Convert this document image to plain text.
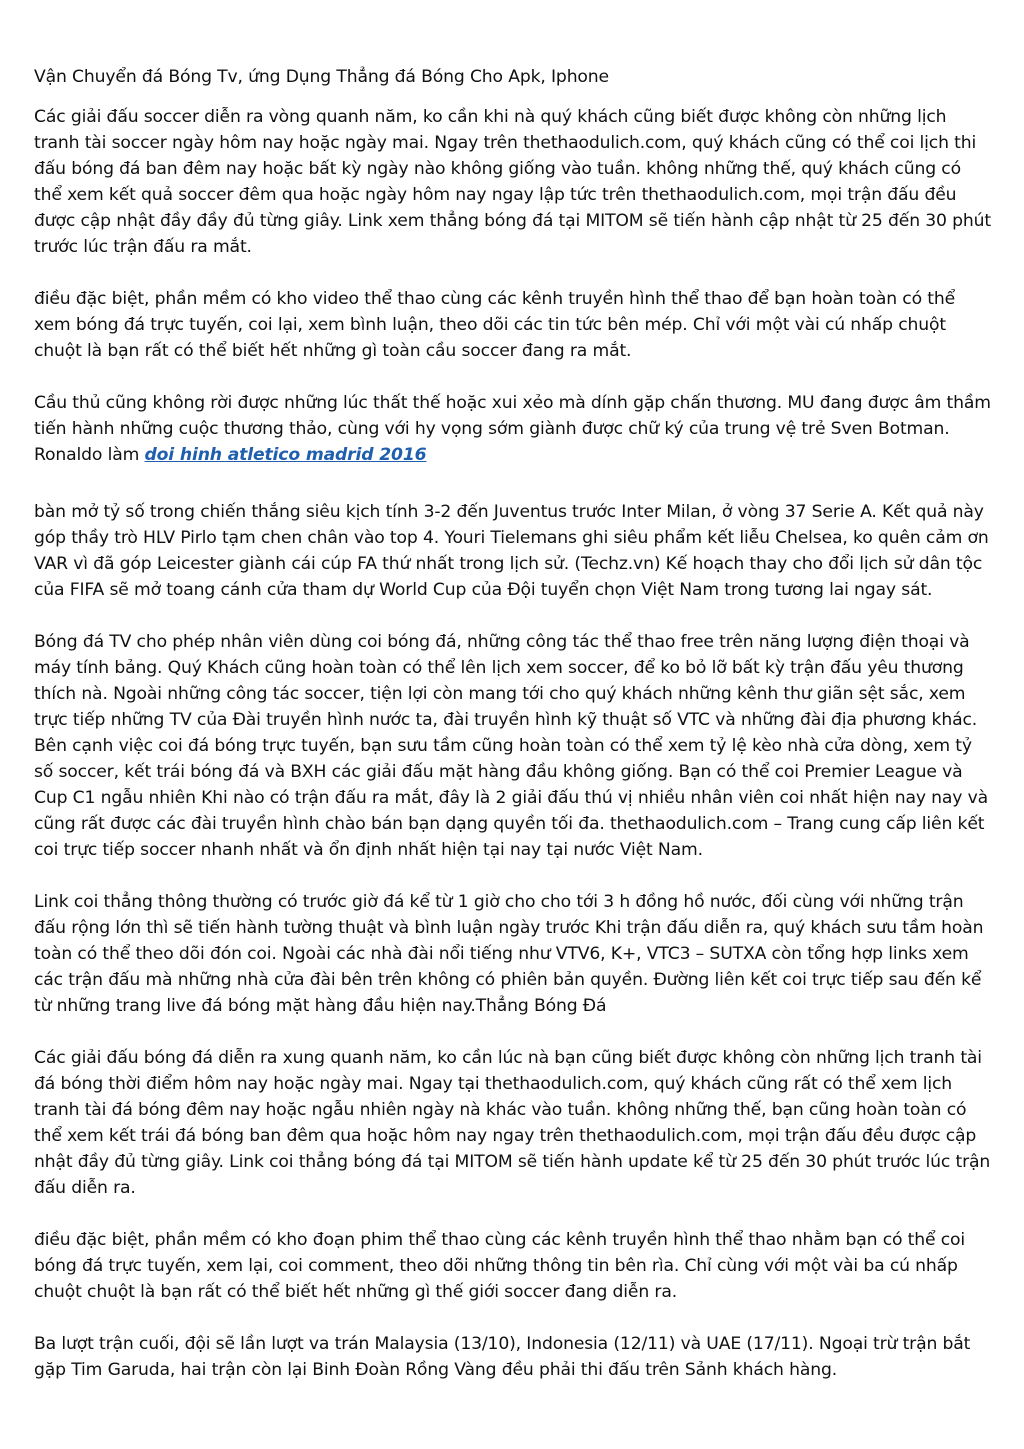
Vận Chuyển đá Bóng Tv, ứng Dụng Thẳng đá Bóng Cho Apk, Iphone

Các giải đấu soccer diễn ra vòng quanh năm, ko cần khi nà quý khách cũng biết được không còn những lịch tranh tài soccer ngày hôm nay hoặc ngày mai. Ngay trên thethaodulich.com, quý khách cũng có thể coi lịch thi đấu bóng đá ban đêm nay hoặc bất kỳ ngày nào không giống vào tuần. không những thế, quý khách cũng có thể xem kết quả soccer đêm qua hoặc ngày hôm nay ngay lập tức trên thethaodulich.com, mọi trận đấu đều được cập nhật đầy đầy đủ từng giây. Link xem thẳng bóng đá tại MITOM sẽ tiến hành cập nhật từ 25 đến 30 phút trước lúc trận đấu ra mắt.

điều đặc biệt, phần mềm có kho video thể thao cùng các kênh truyền hình thể thao để bạn hoàn toàn có thể xem bóng đá trực tuyến, coi lại, xem bình luận, theo dõi các tin tức bên mép. Chỉ với một vài cú nhấp chuột chuột là bạn rất có thể biết hết những gì toàn cầu soccer đang ra mắt.

Cầu thủ cũng không rời được những lúc thất thế hoặc xui xẻo mà dính gặp chấn thương. MU đang được âm thầm tiến hành những cuộc thương thảo, cùng với hy vọng sớm giành được chữ ký của trung vệ trẻ Sven Botman. Ronaldo làm doi hinh atletico madrid 2016

bàn mở tỷ số trong chiến thắng siêu kịch tính 3-2 đến Juventus trước Inter Milan, ở vòng 37 Serie A. Kết quả này góp thầy trò HLV Pirlo tạm chen chân vào top 4. Youri Tielemans ghi siêu phẩm kết liễu Chelsea, ko quên cảm ơn VAR vì đã góp Leicester giành cái cúp FA thứ nhất trong lịch sử. (Techz.vn) Kế hoạch thay cho đổi lịch sử dân tộc của FIFA sẽ mở toang cánh cửa tham dự World Cup của Đội tuyển chọn Việt Nam trong tương lai ngay sát.

Bóng đá TV cho phép nhân viên dùng coi bóng đá, những công tác thể thao free trên năng lượng điện thoại và máy tính bảng. Quý Khách cũng hoàn toàn có thể lên lịch xem soccer, để ko bỏ lỡ bất kỳ trận đấu yêu thương thích nà. Ngoài những công tác soccer, tiện lợi còn mang tới cho quý khách những kênh thư giãn sệt sắc, xem trực tiếp những TV của Đài truyền hình nước ta, đài truyền hình kỹ thuật số VTC và những đài địa phương khác. Bên cạnh việc coi đá bóng trực tuyến, bạn sưu tầm cũng hoàn toàn có thể xem tỷ lệ kèo nhà cửa dòng, xem tỷ số soccer, kết trái bóng đá và BXH các giải đấu mặt hàng đầu không giống. Bạn có thể coi Premier League và Cup C1 ngẫu nhiên Khi nào có trận đấu ra mắt, đây là 2 giải đấu thú vị nhiều nhân viên coi nhất hiện nay nay và cũng rất được các đài truyền hình chào bán bạn dạng quyền tối đa. thethaodulich.com – Trang cung cấp liên kết coi trực tiếp soccer nhanh nhất và ổn định nhất hiện tại nay tại nước Việt Nam.

Link coi thẳng thông thường có trước giờ đá kể từ 1 giờ cho cho tới 3 h đồng hồ nước, đối cùng với những trận đấu rộng lớn thì sẽ tiến hành tường thuật và bình luận ngày trước Khi trận đấu diễn ra, quý khách sưu tầm hoàn toàn có thể theo dõi đón coi. Ngoài các nhà đài nổi tiếng như VTV6, K+, VTC3 – SUTXA còn tổng hợp links xem các trận đấu mà những nhà cửa đài bên trên không có phiên bản quyền. Đường liên kết coi trực tiếp sau đến kể từ những trang live đá bóng mặt hàng đầu hiện nay.Thẳng Bóng Đá

Các giải đấu bóng đá diễn ra xung quanh năm, ko cần lúc nà bạn cũng biết được không còn những lịch tranh tài đá bóng thời điểm hôm nay hoặc ngày mai. Ngay tại thethaodulich.com, quý khách cũng rất có thể xem lịch tranh tài đá bóng đêm nay hoặc ngẫu nhiên ngày nà khác vào tuần. không những thế, bạn cũng hoàn toàn có thể xem kết trái đá bóng ban đêm qua hoặc hôm nay ngay trên thethaodulich.com, mọi trận đấu đều được cập nhật đầy đủ từng giây. Link coi thẳng bóng đá tại MITOM sẽ tiến hành update kể từ 25 đến 30 phút trước lúc trận đấu diễn ra.

điều đặc biệt, phần mềm có kho đoạn phim thể thao cùng các kênh truyền hình thể thao nhằm bạn có thể coi bóng đá trực tuyến, xem lại, coi comment, theo dõi những thông tin bên rìa. Chỉ cùng với một vài ba cú nhấp chuột chuột là bạn rất có thể biết hết những gì thế giới soccer đang diễn ra.

Ba lượt trận cuối, đội sẽ lần lượt va trán Malaysia (13/10), Indonesia (12/11) và UAE (17/11). Ngoại trừ trận bắt gặp Tim Garuda, hai trận còn lại Binh Đoàn Rồng Vàng đều phải thi đấu trên Sảnh khách hàng.
